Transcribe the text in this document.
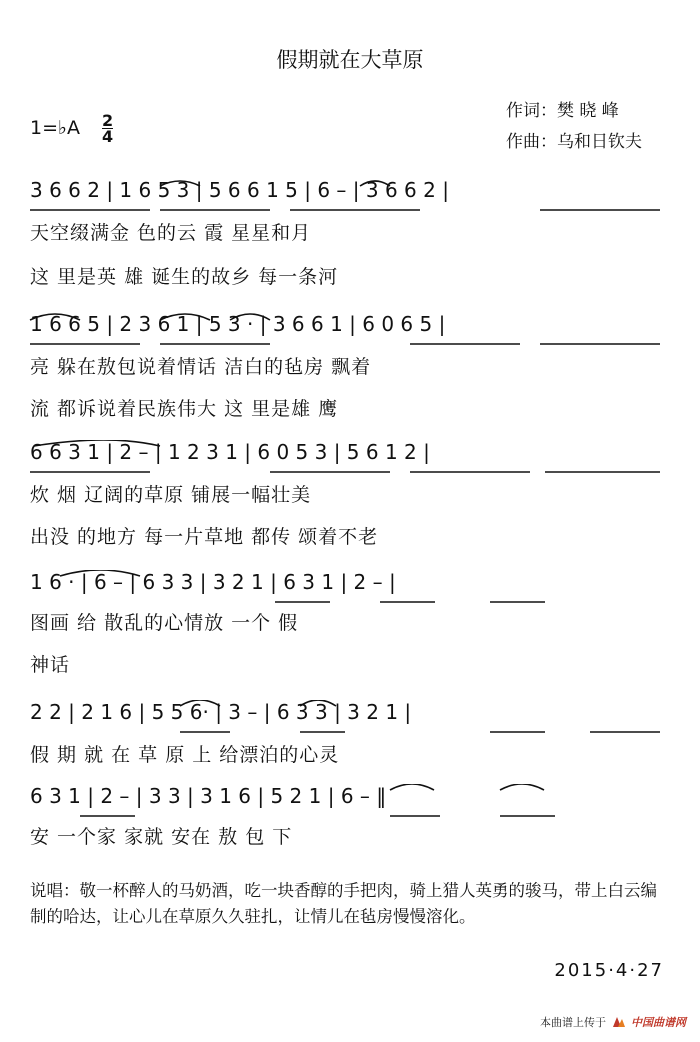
假期就在大草原
作词：樊 晓 峰
作曲：乌和日钦夫
1=♭A $\frac{2}{4}$
3 6 6 2 | 1 6 5 3 | 5 6 6 1 5 | 6 – | 3 6 6 2 |
天空缀满金 色的云 霞 星星和月
这 里是英 雄 诞生的故乡 每一条河
1 6 6 5 | 2 3 6 1 | 5 3 · | 3 6 6 1 | 6 0 6 5 |
亮 躲在敖包说着情话 洁白的毡房 飘着
流 都诉说着民族伟大 这 里是雄 鹰
6 6 3 1 | 2 – | 1 2 3 1 | 6 0 5 3 | 5 6 1 2 |
炊 烟 辽阔的草原 铺展一幅壮美
出没 的地方 每一片草地 都传 颂着不老
1 6 · | 6 – | 6 3 3 | 3 2 1 | 6 3 1 | 2 – |
图画 给 散乱的心情放 一个 假
神话
2 2 | 2 1 6 | 5 5 6· | 3 – | 6 3 3 | 3 2 1 |
假 期 就 在 草 原 上 给漂泊的心灵
6 3 1 | 2 – | 3 3 | 3 1 6 | 5 2 1 | 6 – ‖
安 一个家 家就 安在 敖 包 下
说唱：敬一杯醉人的马奶酒，吃一块香醇的手把肉，骑上猎人英勇的骏马，带上白云编制的哈达，让心儿在草原久久驻扎，让情儿在毡房慢慢溶化。
2015·4·27
本曲谱上传于 中国曲谱网
